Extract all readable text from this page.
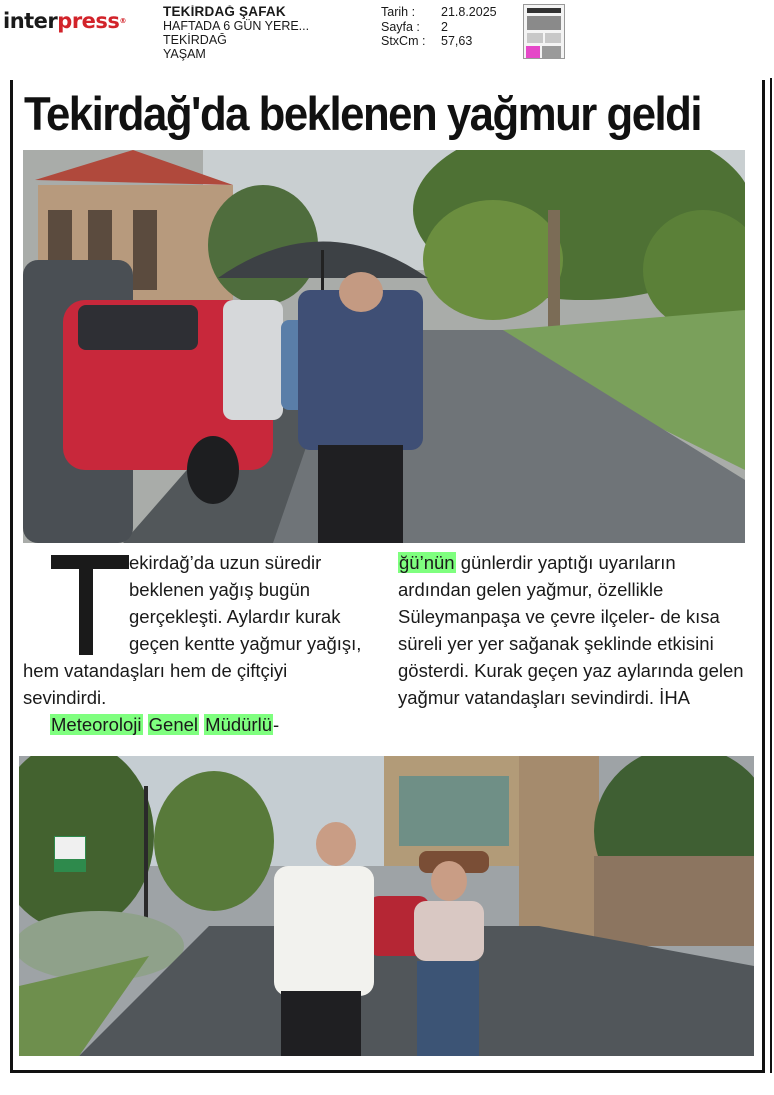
interpress®
TEKİRDAĞ ŞAFAK
HAFTADA 6 GÜN YERE...
TEKİRDAĞ
YAŞAM
Tarih :	21.8.2025
Sayfa :	2
StxCm :	57,63
Tekirdağ'da beklenen yağmur geldi

ekirdağ’da uzun süredir beklenen yağış bugün gerçekleşti. Aylardır kurak geçen kentte yağmur yağışı, hem vatandaşları hem de çiftçiyi sevindirdi.

Meteoroloji Genel Müdürlü-

ğü’nün günlerdir yaptığı uyarıların ardından gelen yağmur, özellikle Süleymanpaşa ve çevre ilçeler- de kısa süreli yer yer sağanak şeklinde etkisini gösterdi. Kurak geçen yaz aylarında gelen yağmur vatandaşları sevindirdi. İHA
